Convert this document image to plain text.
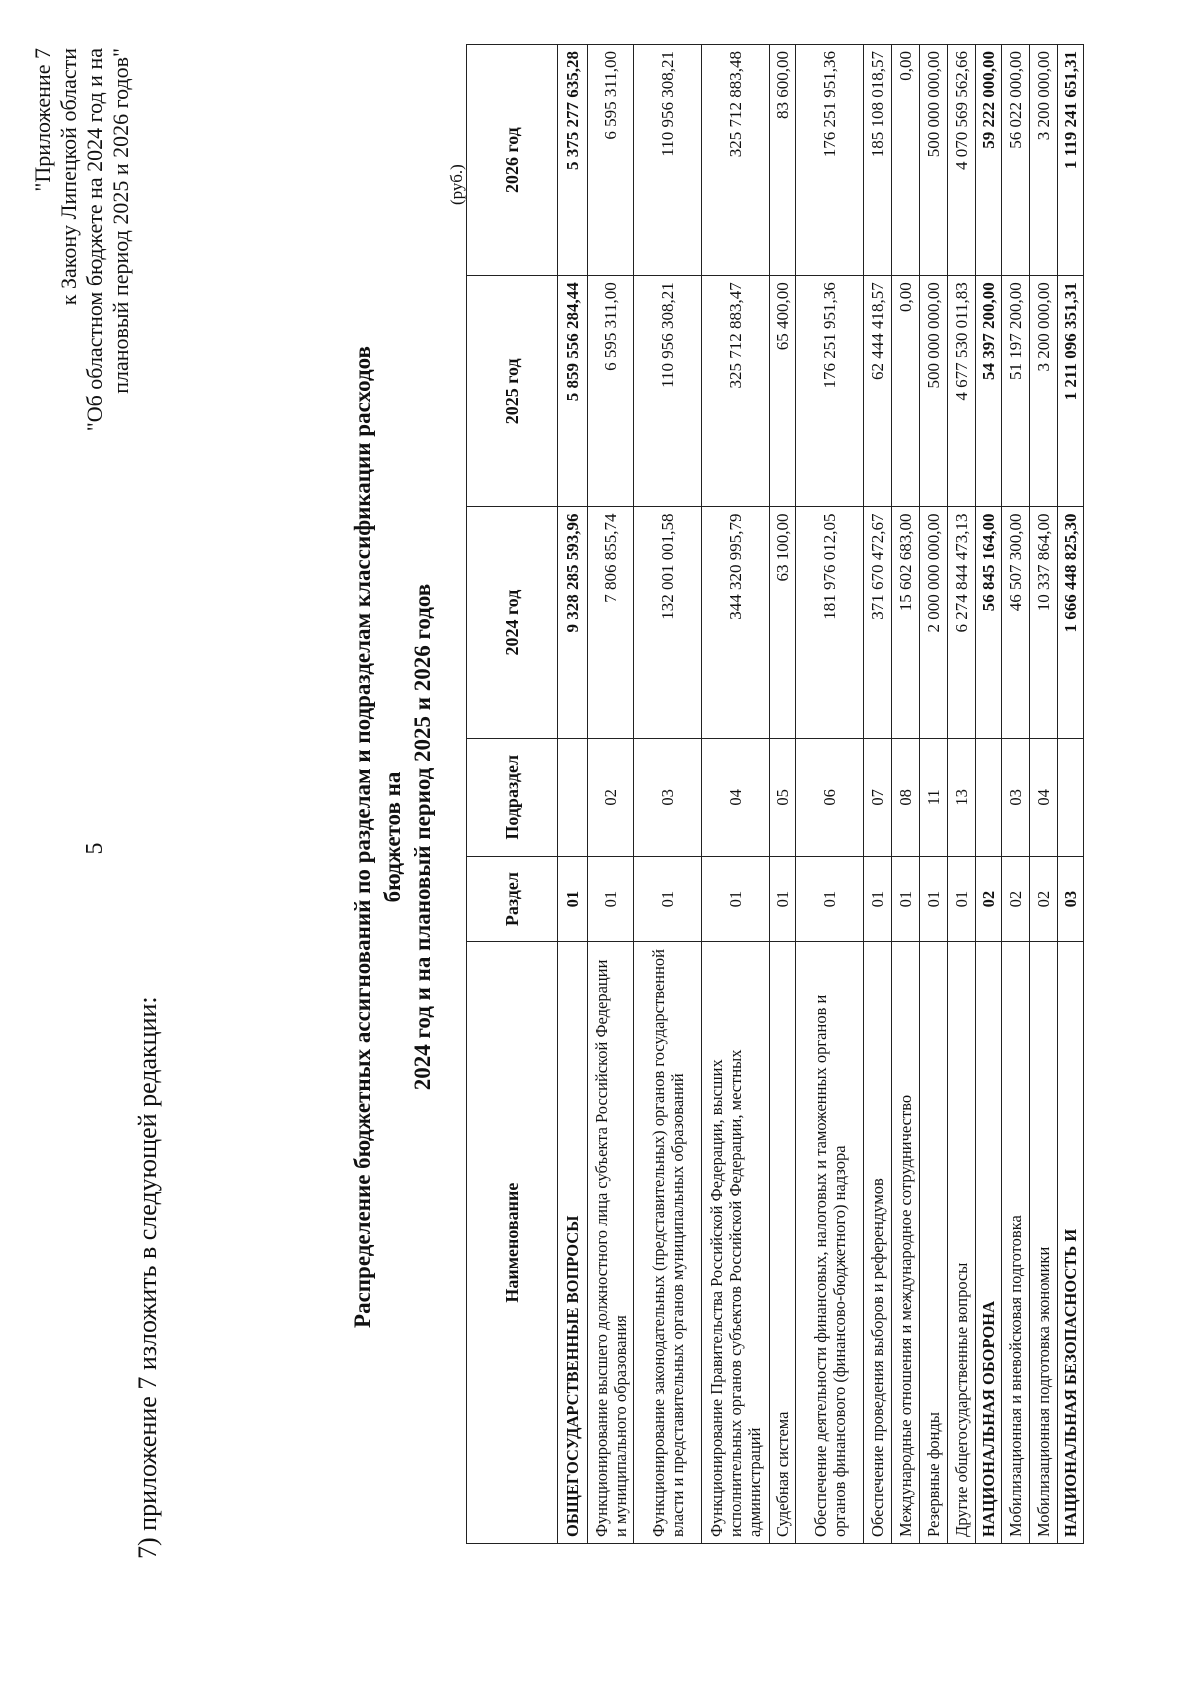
5
7) приложение 7 изложить в следующей редакции:
"Приложение 7 к Закону Липецкой области "Об областном бюджете на 2024 год и на плановый период 2025 и 2026 годов"
Распределение бюджетных ассигнований по разделам и подразделам классификации расходов бюджетов на 2024 год и на плановый период 2025 и 2026 годов
(руб.)
Наименование	Раздел	Подраздел	2024 год	2025 год	2026 год
ОБЩЕГОСУДАРСТВЕННЫЕ ВОПРОСЫ	01		9 328 285 593,96	5 859 556 284,44	5 375 277 635,28
Функционирование высшего должностного лица субъекта Российской Федерации и муниципального образования	01	02	7 806 855,74	6 595 311,00	6 595 311,00
Функционирование законодательных (представительных) органов государственной власти и представительных органов муниципальных образований	01	03	132 001 001,58	110 956 308,21	110 956 308,21
Функционирование Правительства Российской Федерации, высших исполнительных органов субъектов Российской Федерации, местных администраций	01	04	344 320 995,79	325 712 883,47	325 712 883,48
Судебная система	01	05	63 100,00	65 400,00	83 600,00
Обеспечение деятельности финансовых, налоговых и таможенных органов и органов финансового (финансово-бюджетного) надзора	01	06	181 976 012,05	176 251 951,36	176 251 951,36
Обеспечение проведения выборов и референдумов	01	07	371 670 472,67	62 444 418,57	185 108 018,57
Международные отношения и международное сотрудничество	01	08	15 602 683,00	0,00	0,00
Резервные фонды	01	11	2 000 000 000,00	500 000 000,00	500 000 000,00
Другие общегосударственные вопросы	01	13	6 274 844 473,13	4 677 530 011,83	4 070 569 562,66
НАЦИОНАЛЬНАЯ ОБОРОНА	02		56 845 164,00	54 397 200,00	59 222 000,00
Мобилизационная и вневойсковая подготовка	02	03	46 507 300,00	51 197 200,00	56 022 000,00
Мобилизационная подготовка экономики	02	04	10 337 864,00	3 200 000,00	3 200 000,00
НАЦИОНАЛЬНАЯ БЕЗОПАСНОСТЬ И	03		1 666 448 825,30	1 211 096 351,31	1 119 241 651,31
